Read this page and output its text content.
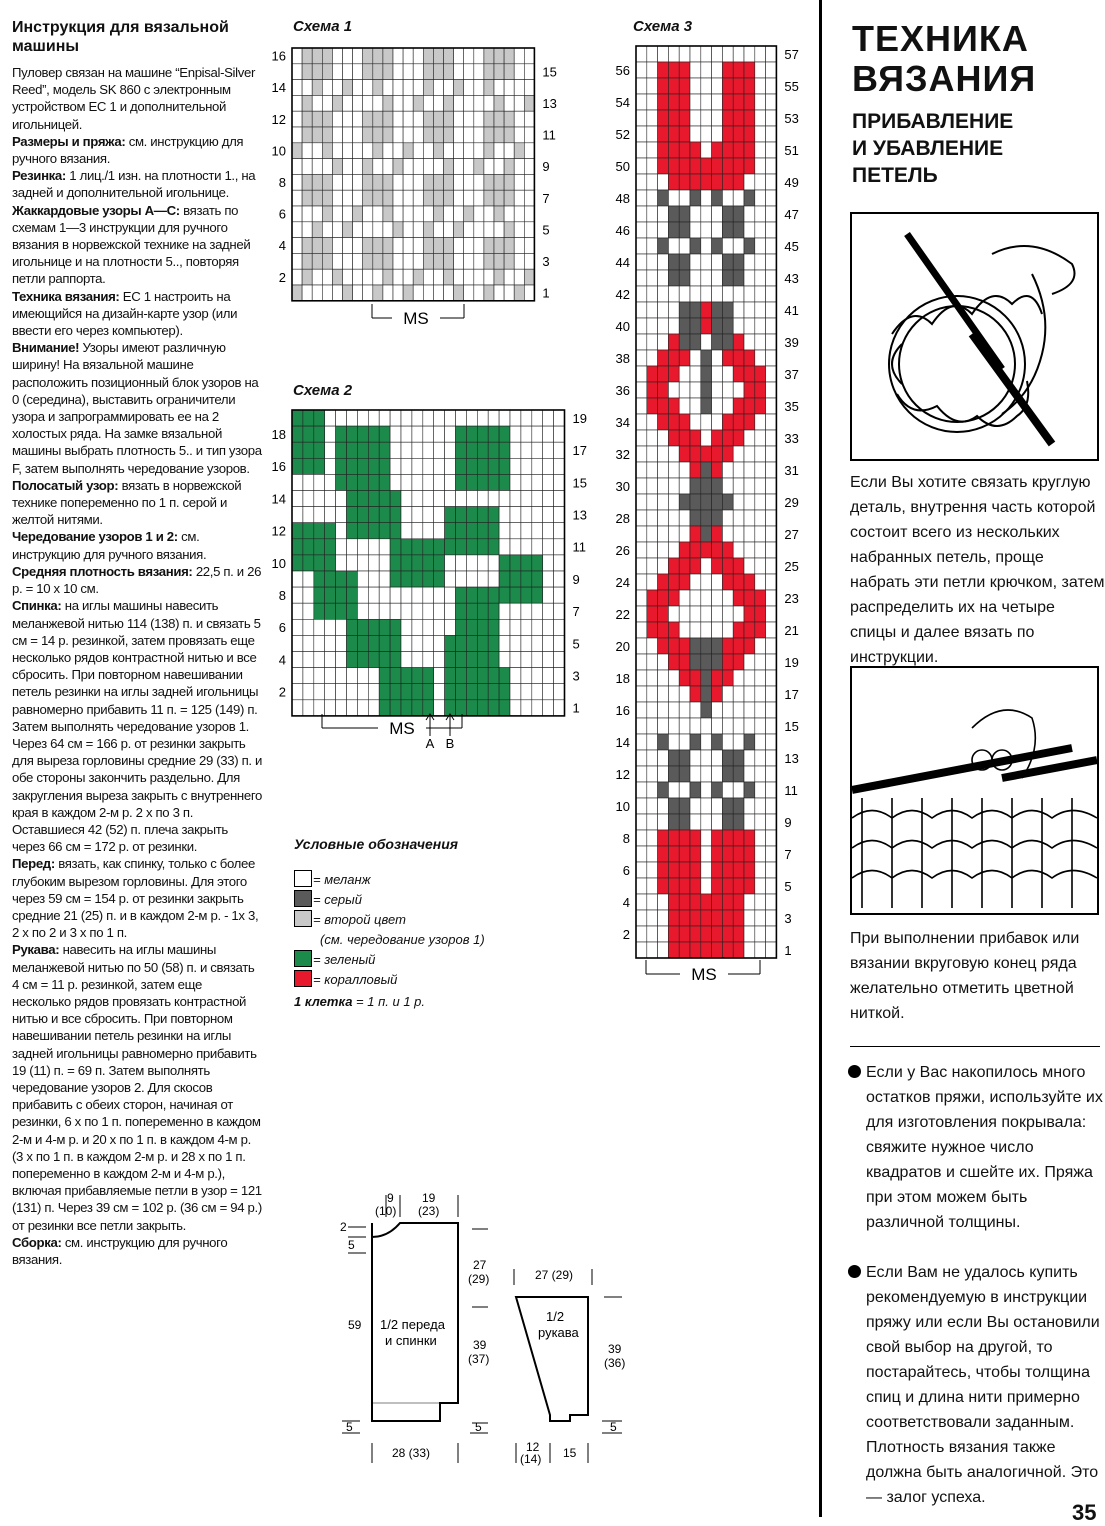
Инструкция для вязальной машины

Пуловер связан на машине “Enpisal-Silver Reed”, модель SK 860 с электронным устройством ЕС 1 и дополнительной игольницей.

Размеры и пряжа: см. инструкцию для ручного вязания.

Резинка: 1 лиц./1 изн. на плотности 1., на задней и дополнительной игольнице.

Жаккардовые узоры А—С: вязать по схемам 1—3 инструкции для ручного вязания в норвежской технике на задней игольнице и на плотности 5.., повторяя петли раппорта.

Техника вязания: ЕС 1 настроить на имеющийся на дизайн-карте узор (или ввести его через компьютер).

Внимание! Узоры имеют различную ширину! На вязальной машине расположить позиционный блок узоров на 0 (середина), выставить ограничители узора и запрограммировать ее на 2 холостых ряда. На замке вязальной машины выбрать плотность 5.. и тип узора F, затем выполнять чередование узоров.

Полосатый узор: вязать в норвежской технике попеременно по 1 п. серой и желтой нитями.

Чередование узоров 1 и 2: см. инструкцию для ручного вязания.

Средняя плотность вязания: 22,5 п. и 26 р. = 10 х 10 см.

Спинка: на иглы машины навесить меланжевой нитью 114 (138) п. и связать 5 см = 14 р. резинкой, затем провязать еще несколько рядов контрастной нитью и все сбросить. При повторном навешивании петель резинки на иглы задней игольницы равномерно прибавить 11 п. = 125 (149) п. Затем выполнять чередование узоров 1. Через 64 см = 166 р. от резинки закрыть для выреза горловины средние 29 (33) п. и обе стороны закончить раздельно. Для закругления выреза закрыть с внутреннего края в каждом 2-м р. 2 х по 3 п. Оставшиеся 42 (52) п. плеча закрыть через 66 см = 172 р. от резинки.

Перед: вязать, как спинку, только с более глубоким вырезом горловины. Для этого через 59 см = 154 р. от резинки закрыть средние 21 (25) п. и в каждом 2-м р. - 1х 3, 2 х по 2 и 3 х по 1 п.

Рукава: навесить на иглы машины меланжевой нитью по 50 (58) п. и связать 4 см = 11 р. резинкой, затем еще несколько рядов провязать контрастной нитью и все сбросить. При повторном навешивании петель резинки на иглы задней игольницы равномерно прибавить 19 (11) п. = 69 п. Затем выполнять чередование узоров 2. Для скосов прибавить с обеих сторон, начиная от резинки, 6 х по 1 п. попеременно в каждом 2-м и 4-м р. и 20 х по 1 п. в каждом 4-м р. (3 х по 1 п. в каждом 2-м р. и 28 х по 1 п. попеременно в каждом 2-м и 4-м р.), включая прибавляемые петли в узор = 121 (131) п. Через 39 см = 102 р. (36 см = 94 р.) от резинки все петли закрыть.

Сборка: см. инструкцию для ручного вязания.

Схема 1
Схема 2
Схема 3
15
13
11
9
7
5
3
1
16
14
12
10
8
6
4
2
MS
19
17
15
13
11
9
7
5
3
1
18
16
14
12
10
8
6
4
2
MS
A B
57
55
53
51
49
47
45
43
41
39
37
35
33
31
29
27
25
23
21
19
17
15
13
11
9
7
5
3
1
56
54
52
50
48
46
44
42
40
38
36
34
32
30
28
26
24
22
20
18
16
14
12
10
8
6
4
2
MS
Условные обозначения
= меланж
= серый
= второй цвет
(см. чередование узоров 1)
= зеленый
= коралловый
1 клетка = 1 п. и 1 р.
9
(10)
19
(23)
2
5
27
(29)
39
(37)
59
5	5
28 (33)
1/2 переда
и спинки
27 (29)
1/2
рукава
39
(36)
5
12
(14) 15
ТЕХНИКА
ВЯЗАНИЯ
ПРИБАВЛЕНИЕ
И УБАВЛЕНИЕ
ПЕТЕЛЬ
Если Вы хотите связать круглую деталь, внутрення часть которой состоит всего из нескольких набранных петель, проще набрать эти петли крючком, затем распределить их на четыре спицы и далее вязать по инструкции.
При выполнении прибавок или вязании вкруговую конец ряда желательно отметить цветной ниткой.
Если у Вас накопилось много остатков пряжи, используйте их для изготовления покрывала: свяжите нужное число квадратов и сшейте их. Пряжа при этом можем быть различной толщины.
Если Вам не удалось купить рекомендуемую в инструкции пряжу или если Вы остановили свой выбор на другой, то постарайтесь, чтобы толщина спиц и длина нити примерно соответствовали заданным. Плотность вязания также должна быть аналогичной. Это — залог успеха.
35
